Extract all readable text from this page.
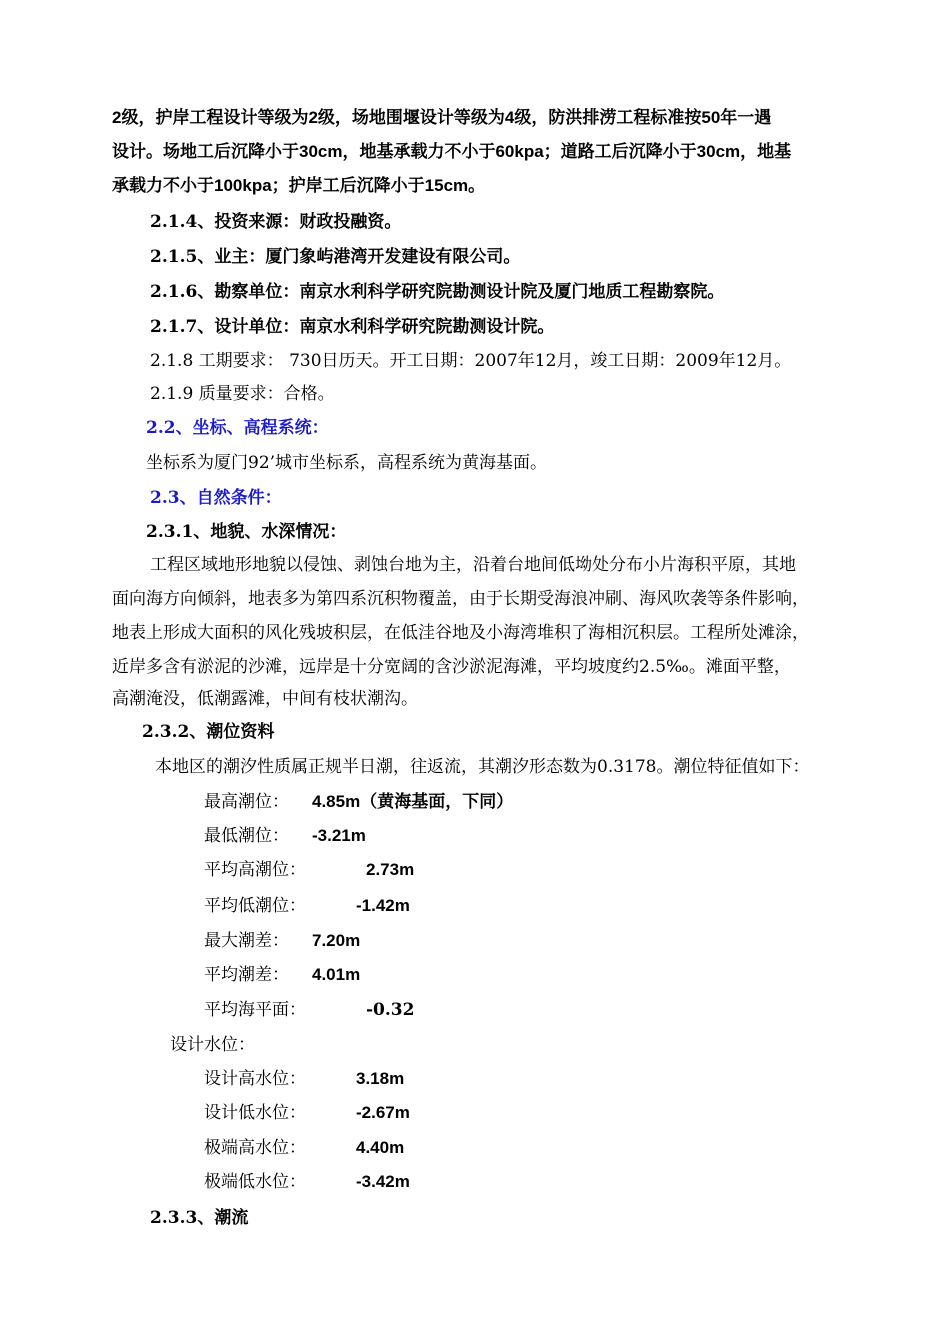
2级，护岸工程设计等级为2级，场地围堰设计等级为4级，防洪排涝工程标准按50年一遇
设计。场地工后沉降小于30cm，地基承载力不小于60kpa；道路工后沉降小于30cm，地基
承载力不小于100kpa；护岸工后沉降小于15cm。
2.1.4、投资来源：财政投融资。
2.1.5、业主：厦门象屿港湾开发建设有限公司。
2.1.6、勘察单位：南京水利科学研究院勘测设计院及厦门地质工程勘察院。
2.1.7、设计单位：南京水利科学研究院勘测设计院。
2.1.8 工期要求： 730日历天。开工日期：2007年12月，竣工日期：2009年12月。
2.1.9 质量要求：合格。
2.2、坐标、高程系统：
坐标系为厦门92’城市坐标系，高程系统为黄海基面。
2.3、自然条件：
2.3.1、地貌、水深情况：
工程区域地形地貌以侵蚀、剥蚀台地为主，沿着台地间低坳处分布小片海积平原，其地
面向海方向倾斜，地表多为第四系沉积物覆盖，由于长期受海浪冲刷、海风吹袭等条件影响，
地表上形成大面积的风化残坡积层，在低洼谷地及小海湾堆积了海相沉积层。工程所处滩涂，
近岸多含有淤泥的沙滩，远岸是十分宽阔的含沙淤泥海滩，平均坡度约2.5‰。滩面平整，
高潮淹没，低潮露滩，中间有枝状潮沟。
2.3.2、潮位资料
本地区的潮汐性质属正规半日潮，往返流，其潮汐形态数为0.3178。潮位特征值如下：
最高潮位： 4.85m（黄海基面，下同）
最低潮位： -3.21m
平均高潮位：	2.73m
平均低潮位：	-1.42m
最大潮差： 7.20m
平均潮差： 4.01m
平均海平面：	-0.32
设计水位：
设计高水位：	3.18m
设计低水位：	-2.67m
极端高水位：	4.40m
极端低水位：	-3.42m
2.3.3、潮流
